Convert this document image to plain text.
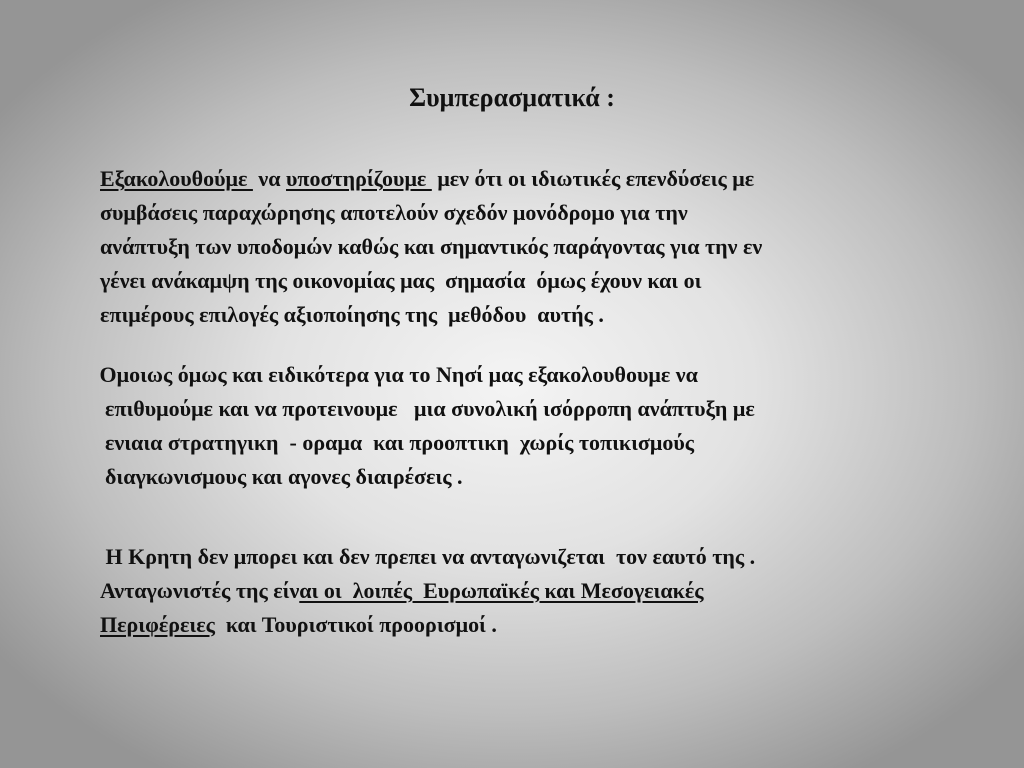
Συμπερασματικά :

Εξακολουθούμε  να υποστηρίζουμε  μεν ότι οι ιδιωτικές επενδύσεις με
συμβάσεις παραχώρησης αποτελούν σχεδόν μονόδρομο για την
ανάπτυξη των υποδομών καθώς και σημαντικός παράγοντας για την εν
γένει ανάκαμψη της οικονομίας μας  σημασία  όμως έχουν και οι
επιμέρους επιλογές αξιοποίησης της  μεθόδου  αυτής .

Ομοιως όμως και ειδικότερα για το Νησί μας εξακολουθουμε να
επιθυμούμε και να προτεινουμε   μια συνολική ισόρροπη ανάπτυξη με
ενιαια στρατηγικη  - οραμα  και προοπτικη  χωρίς τοπικισμούς
διαγκωνισμους και αγονες διαιρέσεις .

Η Κρητη δεν μπορει και δεν πρεπει να ανταγωνιζεται  τον εαυτό της .
Ανταγωνιστές της είναι οι  λοιπές  Ευρωπαϊκές και Μεσογειακές
Περιφέρειες  και Τουριστικοί προορισμοί .
